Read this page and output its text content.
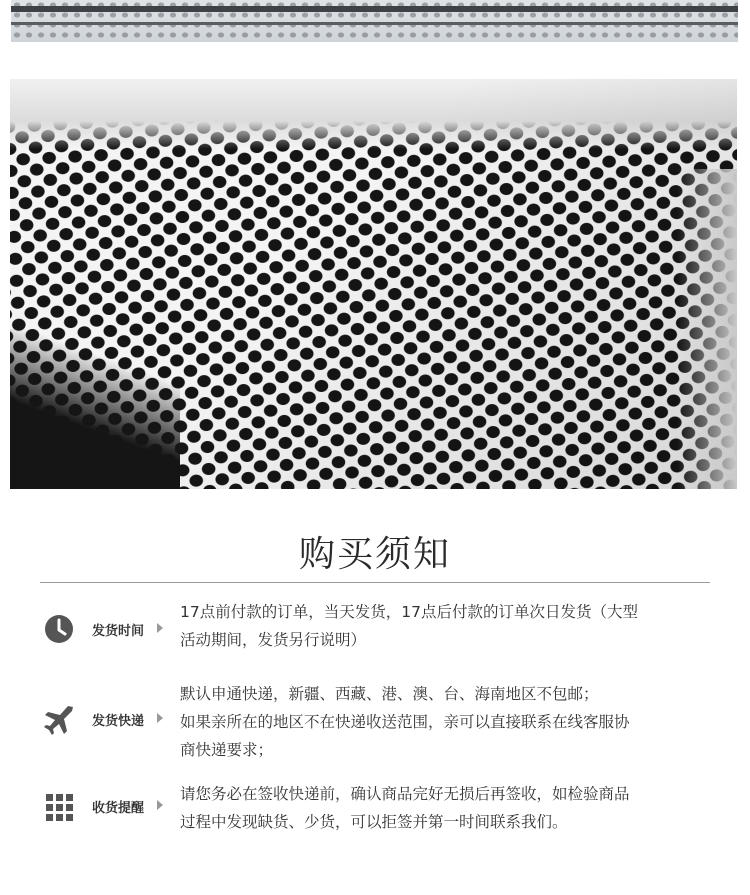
购买须知
发货时间

17点前付款的订单，当天发货，17点后付款的订单次日发货（大型

活动期间，发货另行说明）

发货快递

默认申通快递，新疆、西藏、港、澳、台、海南地区不包邮；

如果亲所在的地区不在快递收送范围，亲可以直接联系在线客服协

商快递要求；

收货提醒

请您务必在签收快递前，确认商品完好无损后再签收，如检验商品

过程中发现缺货、少货，可以拒签并第一时间联系我们。
